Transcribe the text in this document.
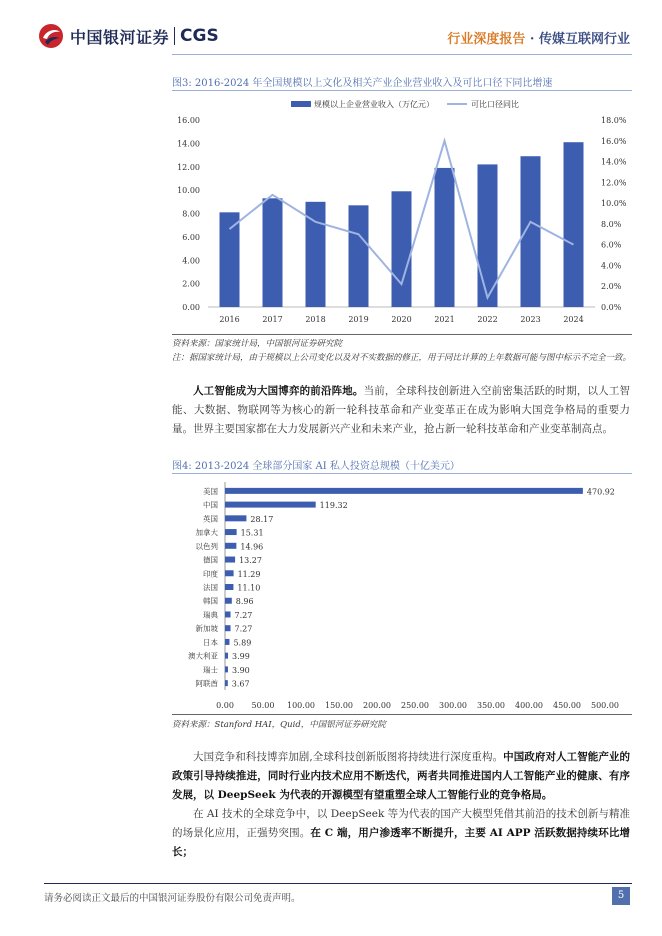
中国银河证券 CGS	行业深度报告 · 传媒互联网行业
图3: 2016-2024 年全国规模以上文化及相关产业企业营业收入及可比口径下同比增速
规模以上企业营业收入（万亿元）	可比口径同比
0.00
2.00
4.00
6.00
8.00
10.00
12.00
14.00
16.00
0.0%
2.0%
4.0%
6.0%
8.0%
10.0%
12.0%
14.0%
16.0%
18.0%
2016	2017	2018	2019	2020	2021	2022	2023	2024
资料来源：国家统计局，中国银河证券研究院
注：据国家统计局，由于规模以上公司变化以及对不实数据的修正，用于同比计算的上年数据可能与图中标示不完全一致。
人工智能成为大国博弈的前沿阵地。当前，全球科技创新进入空前密集活跃的时期，以人工智能、大数据、物联网等为核心的新一轮科技革命和产业变革正在成为影响大国竞争格局的重要力量。世界主要国家都在大力发展新兴产业和未来产业，抢占新一轮科技革命和产业变革制高点。
图4: 2013-2024 全球部分国家 AI 私人投资总规模（十亿美元）
0.00 50.00 100.00 150.00 200.00 250.00 300.00 350.00 400.00 450.00 500.00
美国
中国
英国
加拿大
以色列
德国
印度
法国
韩国
瑞典
新加坡
日本
澳大利亚
瑞士
阿联酋
470.92
119.32
28.17
15.31
14.96
13.27
11.29
11.10
8.96
7.27
7.27
5.89
3.99
3.90
3.67
资料来源：Stanford HAI，Quid，中国银河证券研究院
大国竞争和科技博弈加剧,全球科技创新版图将持续进行深度重构。中国政府对人工智能产业的政策引导持续推进，同时行业内技术应用不断迭代，两者共同推进国内人工智能产业的健康、有序发展，以 DeepSeek 为代表的开源模型有望重塑全球人工智能行业的竞争格局。
在 AI 技术的全球竞争中，以 DeepSeek 等为代表的国产大模型凭借其前沿的技术创新与精准的场景化应用，正强势突围。在 C 端，用户渗透率不断提升，主要 AI APP 活跃数据持续环比增长；
请务必阅读正文最后的中国银河证券股份有限公司免责声明。	5
